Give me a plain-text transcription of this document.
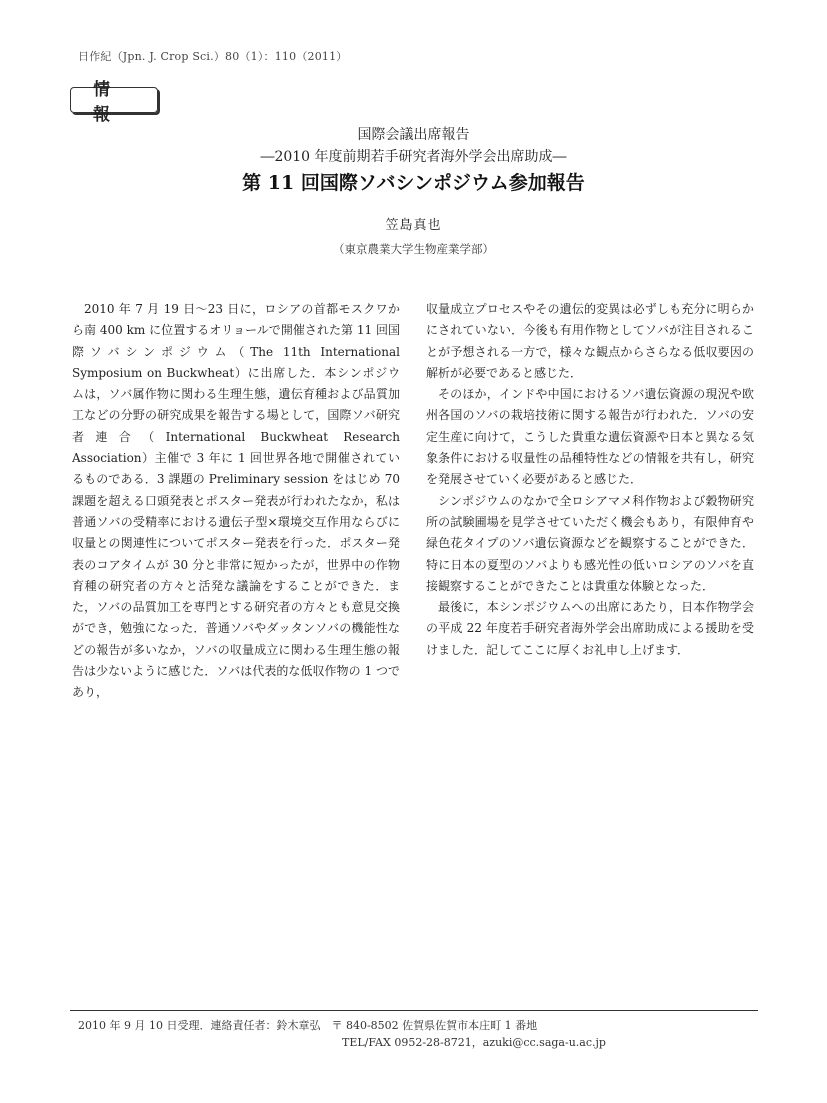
日作紀（Jpn. J. Crop Sci.）80（1）：110（2011）
情報
国際会議出席報告
―2010 年度前期若手研究者海外学会出席助成―
第 11 回国際ソバシンポジウム参加報告
笠島真也
（東京農業大学生物産業学部）

2010 年 7 月 19 日～23 日に，ロシアの首都モスクワから南 400 km に位置するオリョールで開催された第 11 回国際ソバシンポジウム（The 11th International Symposium on Buckwheat）に出席した．本シンポジウムは，ソバ属作物に関わる生理生態，遺伝育種および品質加工などの分野の研究成果を報告する場として，国際ソバ研究者連合（International Buckwheat Research Association）主催で 3 年に 1 回世界各地で開催されているものである．3 課題の Preliminary session をはじめ 70 課題を超える口頭発表とポスター発表が行われたなか，私は普通ソバの受精率における遺伝子型×環境交互作用ならびに収量との関連性についてポスター発表を行った．ポスター発表のコアタイムが 30 分と非常に短かったが，世界中の作物育種の研究者の方々と活発な議論をすることができた．また，ソバの品質加工を専門とする研究者の方々とも意見交換ができ，勉強になった．普通ソバやダッタンソバの機能性などの報告が多いなか，ソバの収量成立に関わる生理生態の報告は少ないように感じた．ソバは代表的な低収作物の 1 つであり，

収量成立プロセスやその遺伝的変異は必ずしも充分に明らかにされていない．今後も有用作物としてソバが注目されることが予想される一方で，様々な観点からさらなる低収要因の解析が必要であると感じた．

そのほか，インドや中国におけるソバ遺伝資源の現況や欧州各国のソバの栽培技術に関する報告が行われた．ソバの安定生産に向けて，こうした貴重な遺伝資源や日本と異なる気象条件における収量性の品種特性などの情報を共有し，研究を発展させていく必要があると感じた．

シンポジウムのなかで全ロシアマメ科作物および穀物研究所の試験圃場を見学させていただく機会もあり，有限伸育や緑色花タイプのソバ遺伝資源などを観察することができた．特に日本の夏型のソバよりも感光性の低いロシアのソバを直接観察することができたことは貴重な体験となった．

最後に，本シンポジウムへの出席にあたり，日本作物学会の平成 22 年度若手研究者海外学会出席助成による援助を受けました．記してここに厚くお礼申し上げます．

2010 年 9 月 10 日受理．連絡責任者：鈴木章弘　〒 840-8502 佐賀県佐賀市本庄町 1 番地
TEL/FAX 0952-28-8721，azuki@cc.saga-u.ac.jp
